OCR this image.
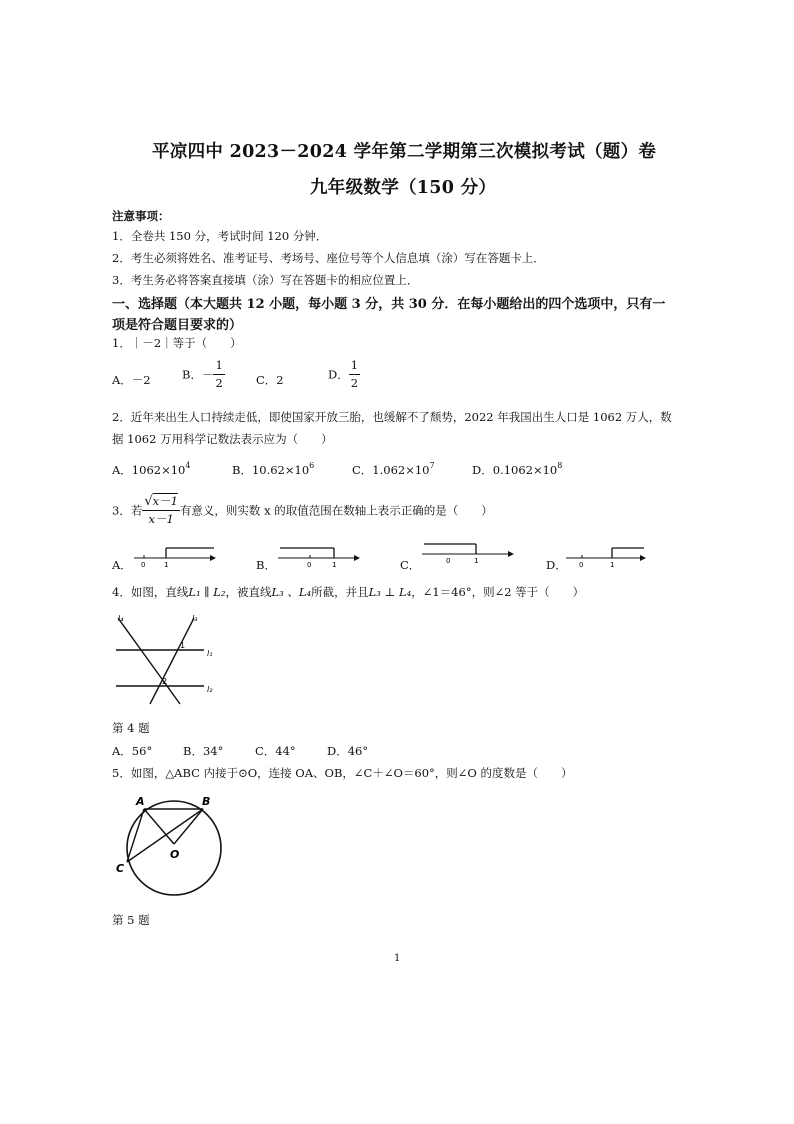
平凉四中 2023－2024 学年第二学期第三次模拟考试（题）卷
九年级数学（150 分）
注意事项：
1．全卷共 150 分，考试时间 120 分钟．
2．考生必须将姓名、准考证号、考场号、座位号等个人信息填（涂）写在答题卡上．
3．考生务必将答案直接填（涂）写在答题卡的相应位置上．
一、选择题（本大题共 12 小题，每小题 3 分，共 30 分．在每小题给出的四个选项中，只有一
项是符合题目要求的）
1．｜－2｜等于（　　）
A．－2	B．－ $\frac{1}{2}$	C．2	D． $\frac{1}{2}$
2．近年来出生人口持续走低，即使国家开放三胎，也缓解不了颓势，2022 年我国出生人口是 1062 万人，数
据 1062 万用科学记数法表示应为（　　）
A．$1062\times 10^4$	B．$10.62\times 10^6$	C．$1.062\times 10^7$	D．$0.1062\times 10^8$
3．若 $\frac{√x-1}{x-1}$ 有意义，则实数 x 的取值范围在数轴上表示正确的是（　　）
A． 0	1	B．	0	1	C．	0	1	D． 0	1
4．如图，直线L₁ ∥ L₂，被直线L₃ 、L₄所截，并且L₃ ⊥ L₄，∠1＝46°，则∠2 等于（　　）
l₄	l₃
l₁
l₂
1
2
第 4 题
A．56°	B．34°	C．44°	D．46°
5．如图，△ABC 内接于⊙O，连接 OA、OB，∠C＋∠O＝60°，则∠O 的度数是（　　）
A	B
C
O
第 5 题
1
